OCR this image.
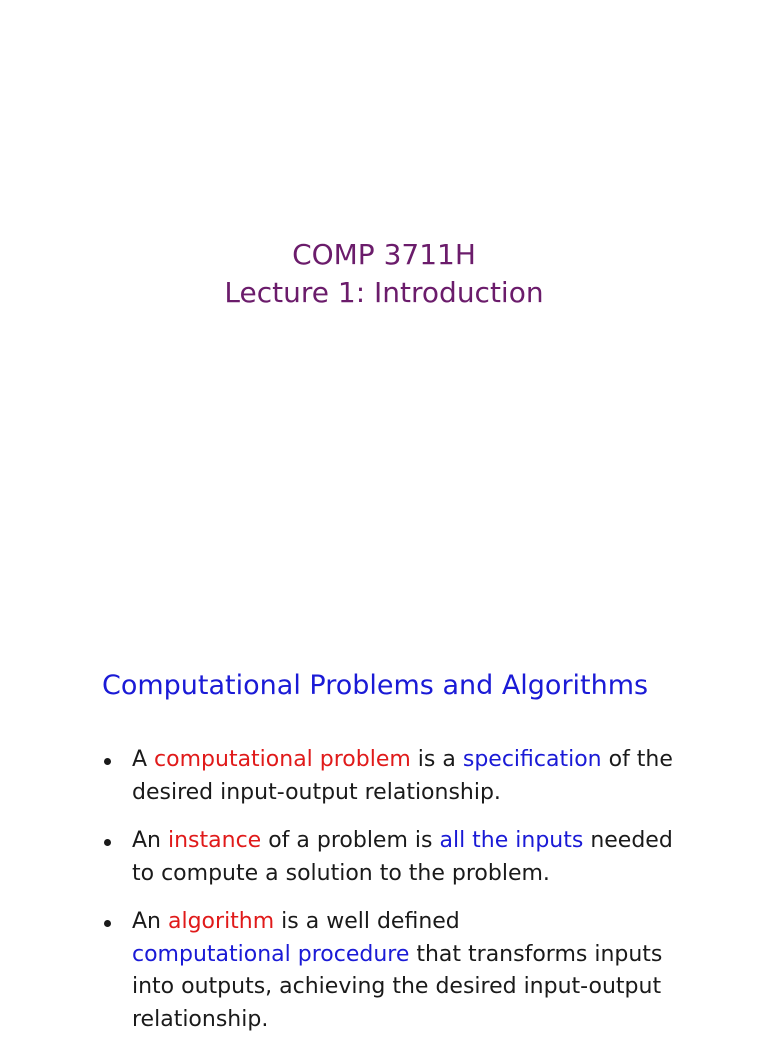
COMP 3711H
Lecture 1: Introduction
Computational Problems and Algorithms
A computational problem is a specification of the
desired input-output relationship.
An instance of a problem is all the inputs needed
to compute a solution to the problem.
An algorithm is a well defined
computational procedure that transforms inputs
into outputs, achieving the desired input-output
relationship.
